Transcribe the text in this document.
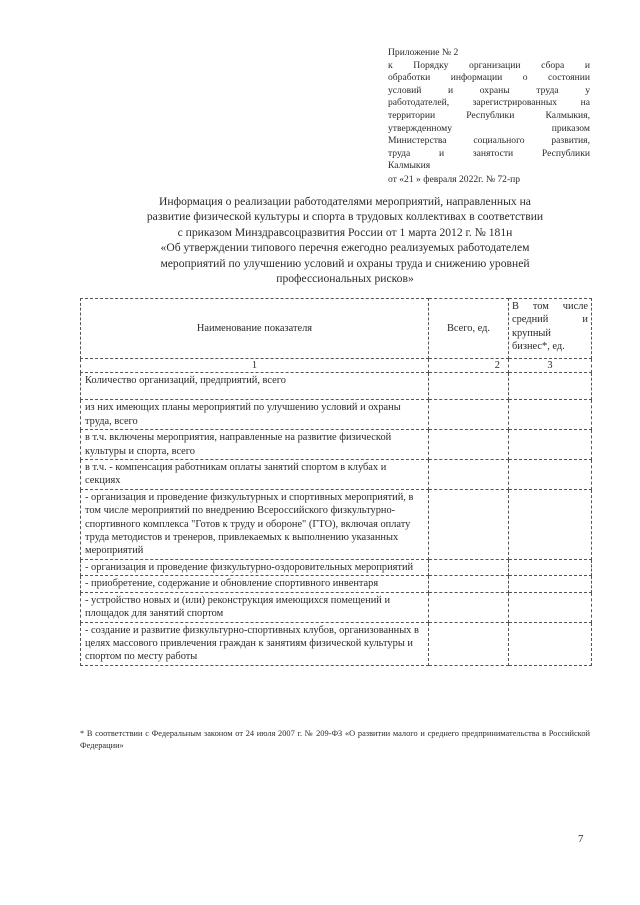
Приложение № 2
к Порядку организации сбора и
обработки информации о состоянии
условий и охраны труда у
работодателей, зарегистрированных на
территории Республики Калмыкия,
утвержденному приказом
Министерства социального развития,
труда и занятости Республики
Калмыкия
от «21 » февраля 2022г. № 72-пр
Информация о реализации работодателями мероприятий, направленных на
развитие физической культуры и спорта в трудовых коллективах в соответствии
с приказом Минздравсоцразвития России от 1 марта 2012 г. № 181н
«Об утверждении типового перечня ежегодно реализуемых работодателем
мероприятий по улучшению условий и охраны труда и снижению уровней
профессиональных рисков»
Наименование показателя	Всего, ед.	В том числе средний и крупный бизнес*, ед.
1	2	3
Количество организаций, предприятий, всего		
из них имеющих планы мероприятий по улучшению условий и охраны труда, всего		
в т.ч. включены мероприятия, направленные на развитие физической культуры и спорта, всего		
в т.ч. - компенсация работникам оплаты занятий спортом в клубах и секциях		
- организация и проведение физкультурных и спортивных мероприятий, в том числе мероприятий по внедрению Всероссийского физкультурно-спортивного комплекса "Готов к труду и обороне" (ГТО), включая оплату труда методистов и тренеров, привлекаемых к выполнению указанных мероприятий		
- организация и проведение физкультурно-оздоровительных мероприятий		
- приобретение, содержание и обновление спортивного инвентаря		
- устройство новых и (или) реконструкция имеющихся помещений и площадок для занятий спортом		
- создание и развитие физкультурно-спортивных клубов, организованных в целях массового привлечения граждан к занятиям физической культуры и спортом по месту работы		
* В соответствии с Федеральным законом от 24 июля 2007 г. № 209-ФЗ «О развитии малого и среднего предпринимательства в Российской Федерации»
7
